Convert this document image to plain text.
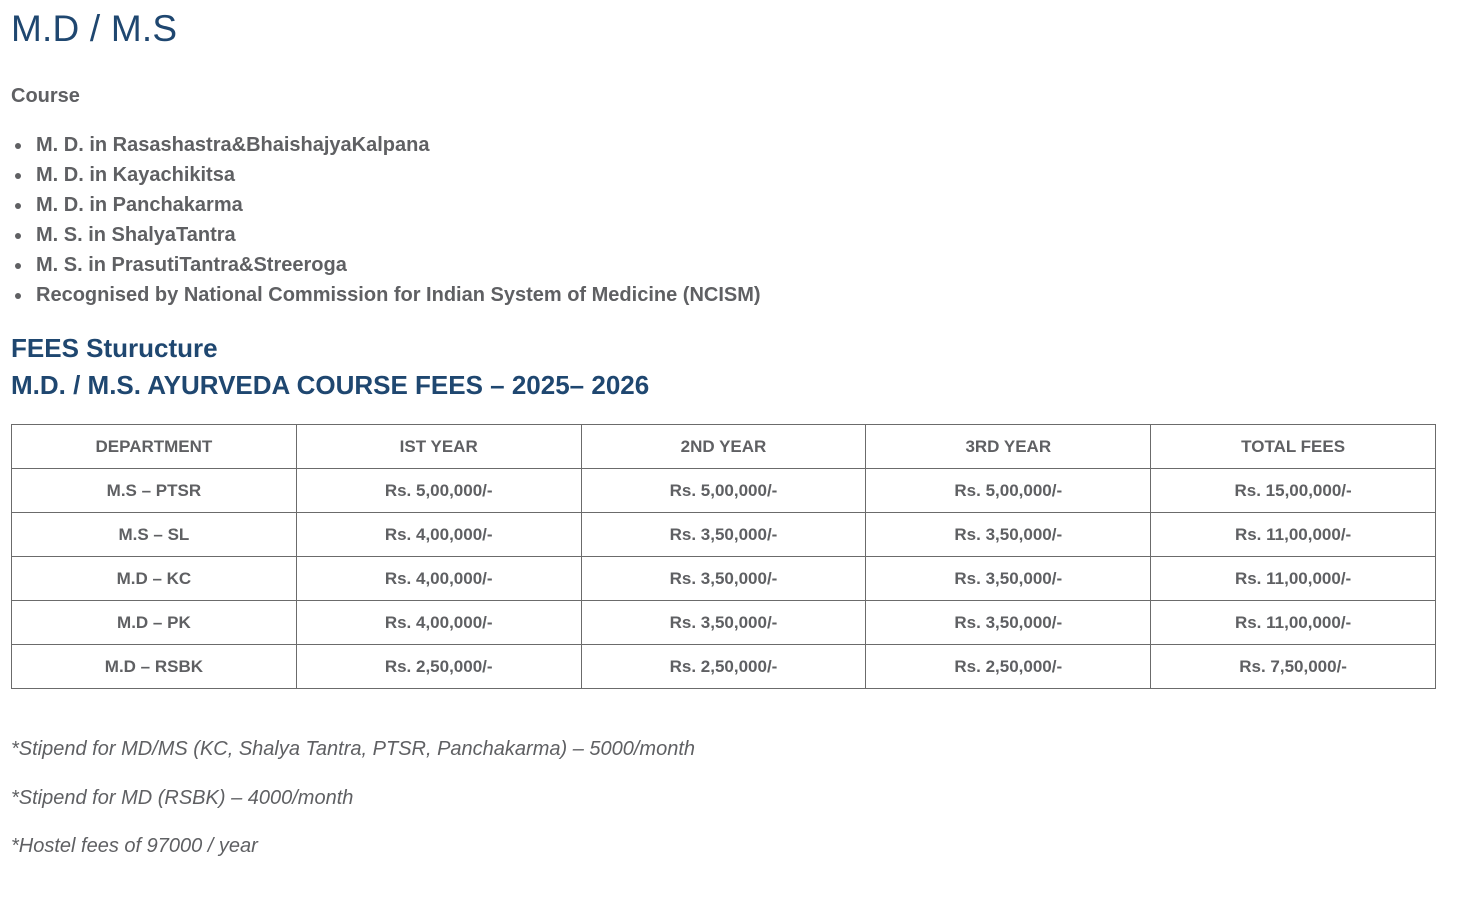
M.D / M.S
Course
M. D. in Rasashastra&BhaishajyaKalpana
M. D. in Kayachikitsa
M. D. in Panchakarma
M. S. in ShalyaTantra
M. S. in PrasutiTantra&Streeroga
Recognised by National Commission for Indian System of Medicine (NCISM)
FEES Sturucture
M.D. / M.S. AYURVEDA COURSE FEES – 2025– 2026
DEPARTMENT	IST YEAR	2ND YEAR	3RD YEAR	TOTAL FEES
M.S – PTSR	Rs. 5,00,000/-	Rs. 5,00,000/-	Rs. 5,00,000/-	Rs. 15,00,000/-
M.S – SL	Rs. 4,00,000/-	Rs. 3,50,000/-	Rs. 3,50,000/-	Rs. 11,00,000/-
M.D – KC	Rs. 4,00,000/-	Rs. 3,50,000/-	Rs. 3,50,000/-	Rs. 11,00,000/-
M.D – PK	Rs. 4,00,000/-	Rs. 3,50,000/-	Rs. 3,50,000/-	Rs. 11,00,000/-
M.D – RSBK	Rs. 2,50,000/-	Rs. 2,50,000/-	Rs. 2,50,000/-	Rs. 7,50,000/-

*Stipend for MD/MS (KC, Shalya Tantra, PTSR, Panchakarma) – 5000/month

*Stipend for MD (RSBK) – 4000/month

*Hostel fees of 97000 / year
